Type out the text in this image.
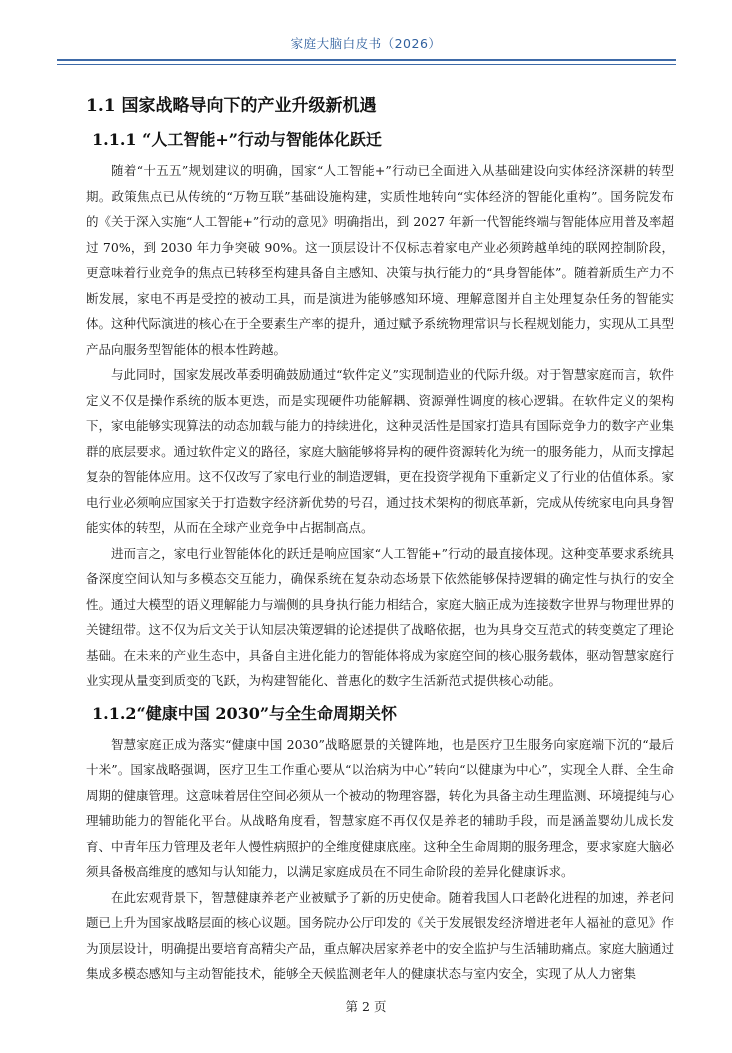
家庭大脑白皮书（2026）
1.1 国家战略导向下的产业升级新机遇
1.1.1 “人工智能+”行动与智能体化跃迁

随着“十五五”规划建议的明确，国家“人工智能+”行动已全面进入从基础建设向实体经济深耕的转型期。政策焦点已从传统的“万物互联”基础设施构建，实质性地转向“实体经济的智能化重构”。国务院发布的《关于深入实施“人工智能+”行动的意见》明确指出，到 2027 年新一代智能终端与智能体应用普及率超过 70%，到 2030 年力争突破 90%。这一顶层设计不仅标志着家电产业必须跨越单纯的联网控制阶段，更意味着行业竞争的焦点已转移至构建具备自主感知、决策与执行能力的“具身智能体”。随着新质生产力不断发展，家电不再是受控的被动工具，而是演进为能够感知环境、理解意图并自主处理复杂任务的智能实体。这种代际演进的核心在于全要素生产率的提升，通过赋予系统物理常识与长程规划能力，实现从工具型产品向服务型智能体的根本性跨越。

与此同时，国家发展改革委明确鼓励通过“软件定义”实现制造业的代际升级。对于智慧家庭而言，软件定义不仅是操作系统的版本更迭，而是实现硬件功能解耦、资源弹性调度的核心逻辑。在软件定义的架构下，家电能够实现算法的动态加载与能力的持续进化，这种灵活性是国家打造具有国际竞争力的数字产业集群的底层要求。通过软件定义的路径，家庭大脑能够将异构的硬件资源转化为统一的服务能力，从而支撑起复杂的智能体应用。这不仅改写了家电行业的制造逻辑，更在投资学视角下重新定义了行业的估值体系。家电行业必须响应国家关于打造数字经济新优势的号召，通过技术架构的彻底革新，完成从传统家电向具身智能实体的转型，从而在全球产业竞争中占据制高点。

进而言之，家电行业智能体化的跃迁是响应国家“人工智能+”行动的最直接体现。这种变革要求系统具备深度空间认知与多模态交互能力，确保系统在复杂动态场景下依然能够保持逻辑的确定性与执行的安全性。通过大模型的语义理解能力与端侧的具身执行能力相结合，家庭大脑正成为连接数字世界与物理世界的关键纽带。这不仅为后文关于认知层决策逻辑的论述提供了战略依据，也为具身交互范式的转变奠定了理论基础。在未来的产业生态中，具备自主进化能力的智能体将成为家庭空间的核心服务载体，驱动智慧家庭行业实现从量变到质变的飞跃，为构建智能化、普惠化的数字生活新范式提供核心动能。

1.1.2“健康中国 2030”与全生命周期关怀

智慧家庭正成为落实“健康中国 2030”战略愿景的关键阵地，也是医疗卫生服务向家庭端下沉的“最后十米”。国家战略强调，医疗卫生工作重心要从“以治病为中心”转向“以健康为中心”，实现全人群、全生命周期的健康管理。这意味着居住空间必须从一个被动的物理容器，转化为具备主动生理监测、环境提纯与心理辅助能力的智能化平台。从战略角度看，智慧家庭不再仅仅是养老的辅助手段，而是涵盖婴幼儿成长发育、中青年压力管理及老年人慢性病照护的全维度健康底座。这种全生命周期的服务理念，要求家庭大脑必须具备极高维度的感知与认知能力，以满足家庭成员在不同生命阶段的差异化健康诉求。

在此宏观背景下，智慧健康养老产业被赋予了新的历史使命。随着我国人口老龄化进程的加速，养老问题已上升为国家战略层面的核心议题。国务院办公厅印发的《关于发展银发经济增进老年人福祉的意见》作为顶层设计，明确提出要培育高精尖产品，重点解决居家养老中的安全监护与生活辅助痛点。家庭大脑通过集成多模态感知与主动智能技术，能够全天候监测老年人的健康状态与室内安全，实现了从人力密集

第 2 页
